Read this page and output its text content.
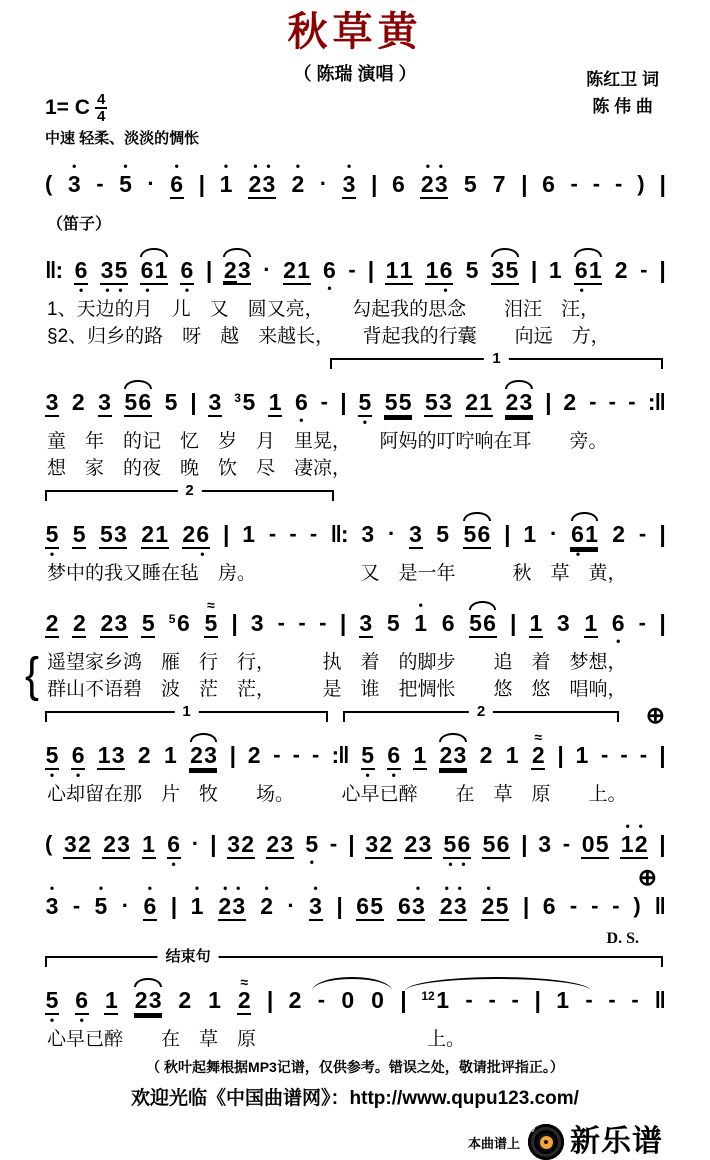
秋草黄
（ 陈瑞 演唱 ）	陈红卫 词
陈 伟 曲
1= C $\frac{4}{4}$
中速 轻柔、淡淡的惆怅
(
•
3
-
•
5
·
•
6
|
•
1

• •
2 3

•
2
·
•
3
|
6

• •
2 3

5

7
|
6
- - - ) |
（笛子）
‖:
6
•

3 5
• •
6 1
•

6
•
| 2 3

·

2 1

6
•
- |

1 1

1 6

•

5
3 5

|
1
6 1
•

2
- |
1、天边的月　儿　又　圆又亮，　　勾起我的思念　　泪汪　汪，
§2、归乡的路　呀　越　来越长，　　背起我的行囊　　向远　方，
1

3

2

3
5 6

5
|
3

3 5

1

6
•
- |
5
•

5 5

5 3

2 1

2 3

|
2
- - - :‖
童　年　的记　忆　岁　月　里晃，　　阿妈的叮咛响在耳　　旁。
想　家　的夜　晚　饮　尽　凄凉，
2

5
•

5

5 3

2 1

2 6

•
|
1
- - - ‖:
3
·
3

5
5 6

|
1
· 6 1
•

2
- |
梦中的我又睡在毡　房。　　　　　　又　是一年　　　秋　草　黄，

2

2

2 3

5

5 6

≈
5
|
3
- - - |
3

5

•
1

6
5 6

|
1

3

1

6
•
- |
{ 遥望家乡鸿　雁　行　行，　　　执　着　的脚步　　追　着　梦想，
群山不语碧　波　茫　茫，　　　是　谁　把惆怅　　悠　悠　唱响，
1	2	⊕

5
•

6
•

1 3

2

1
2 3

|
2
- - - :‖
5
•

6
•

1
2 3

2

1

≈
2
|
1
- - - |
心却留在那　片　牧　　场。　　　心早已醉　　在　草　原　　上。
(

3 2

2 3

1

6
•
· |

3 2

2 3

5
•
- |

3 2

2 3

5 6
• •

5 6

|
3
-

0 5

• •
1 2

|
⊕
•
3
-
•
5
·
•
6
|
•
1

• •
2 3

•
2
·
•
3
|

6 5

•
6 3

• •
2 3

•

2 5

|
6
- - - ) ‖
D. S.
结束句

5
•

6
•

1
2 3

2

1

≈
2
|
2
-
0

0
|
12 1
- - - |
1
- - - ‖
心早已醉　　在　草　原　　　　　　　　　上。
（ 秋叶起舞根据MP3记谱，仅供参考。错误之处，敬请批评指正。）
欢迎光临《中国曲谱网》：http://www.qupu123.com/
本曲谱上
♪ 新乐谱
